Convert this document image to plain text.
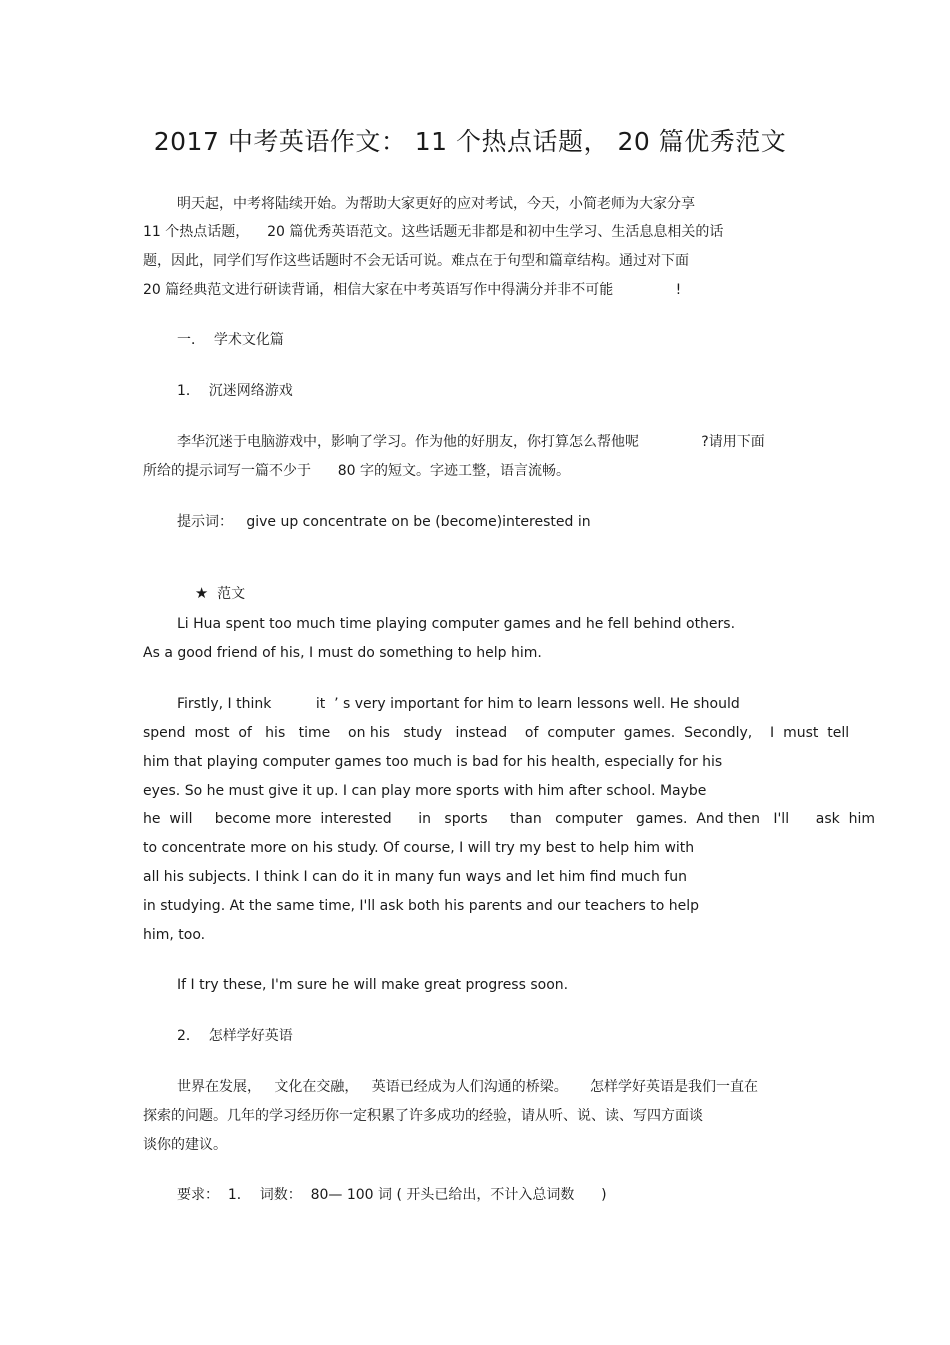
2017 中考英语作文： 11 个热点话题， 20 篇优秀范文
明天起，中考将陆续开始。为帮助大家更好的应对考试，今天，小简老师为大家分享
11 个热点话题，    20 篇优秀英语范文。这些话题无非都是和初中生学习、生活息息相关的话
题，因此，同学们写作这些话题时不会无话可说。难点在于句型和篇章结构。通过对下面
20 篇经典范文进行研读背诵，相信大家在中考英语写作中得满分并非不可能              !
一．  学术文化篇
1．  沉迷网络游戏
李华沉迷于电脑游戏中，影响了学习。作为他的好朋友，你打算怎么帮他呢              ?请用下面
所给的提示词写一篇不少于      80 字的短文。字迹工整，语言流畅。
提示词：   give up concentrate on be (become)interested in

★ 范文

Li Hua spent too much time playing computer games and he fell behind others.
As a good friend of his, I must do something to help him.
Firstly, I think          it  ’ s very important for him to learn lessons well. He should
spend  most  of   his   time    on his   study   instead    of  computer  games.  Secondly,    I  must  tell
him that playing computer games too much is bad for his health, especially for his
eyes. So he must give it up. I can play more sports with him after school. Maybe
he  will     become more  interested      in   sports     than   computer   games.  And then   I'll      ask  him
to concentrate more on his study. Of course, I will try my best to help him with
all his subjects. I think I can do it in many fun ways and let him find much fun
in studying. At the same time, I'll ask both his parents and our teachers to help
him, too.
If I try these, I'm sure he will make great progress soon.
2．  怎样学好英语
世界在发展，   文化在交融，   英语已经成为人们沟通的桥梁。     怎样学好英语是我们一直在
探索的问题。几年的学习经历你一定积累了许多成功的经验，请从听、说、读、写四方面谈
谈你的建议。
要求：  1．  词数：  80— 100 词 ( 开头已给出，不计入总词数      )
